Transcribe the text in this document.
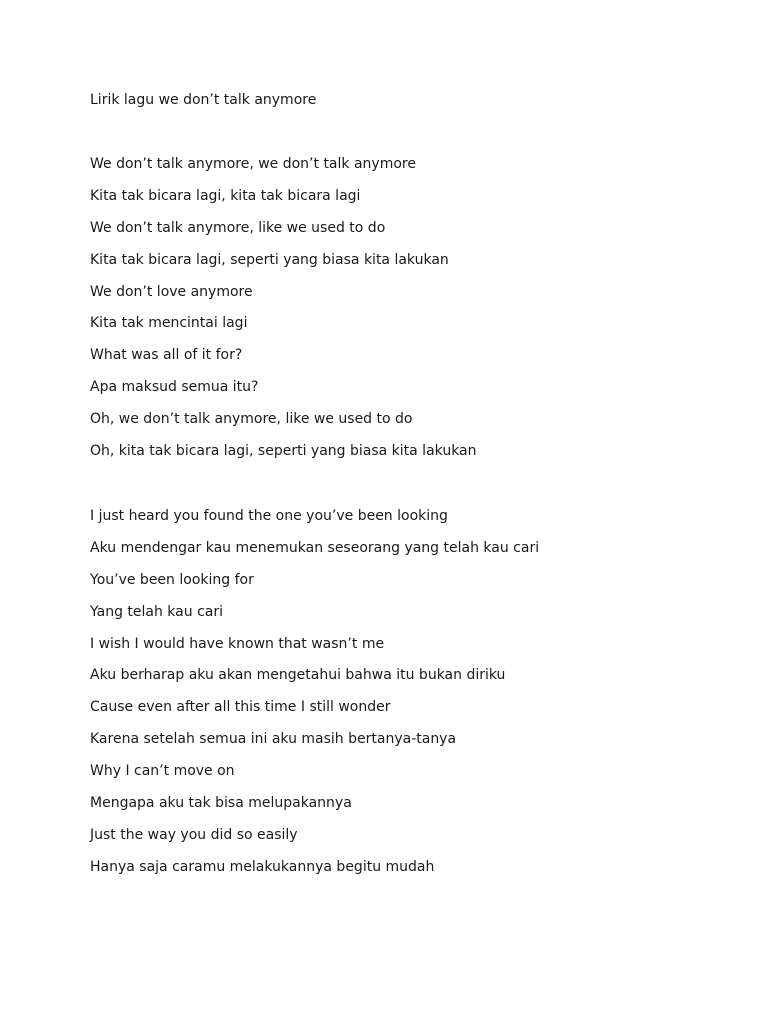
Lirik lagu we don’t talk anymore
We don’t talk anymore, we don’t talk anymore
Kita tak bicara lagi, kita tak bicara lagi
We don’t talk anymore, like we used to do
Kita tak bicara lagi, seperti yang biasa kita lakukan
We don’t love anymore
Kita tak mencintai lagi
What was all of it for?
Apa maksud semua itu?
Oh, we don’t talk anymore, like we used to do
Oh, kita tak bicara lagi, seperti yang biasa kita lakukan
I just heard you found the one you’ve been looking
Aku mendengar kau menemukan seseorang yang telah kau cari
You’ve been looking for
Yang telah kau cari
I wish I would have known that wasn’t me
Aku berharap aku akan mengetahui bahwa itu bukan diriku
Cause even after all this time I still wonder
Karena setelah semua ini aku masih bertanya-tanya
Why I can’t move on
Mengapa aku tak bisa melupakannya
Just the way you did so easily
Hanya saja caramu melakukannya begitu mudah
